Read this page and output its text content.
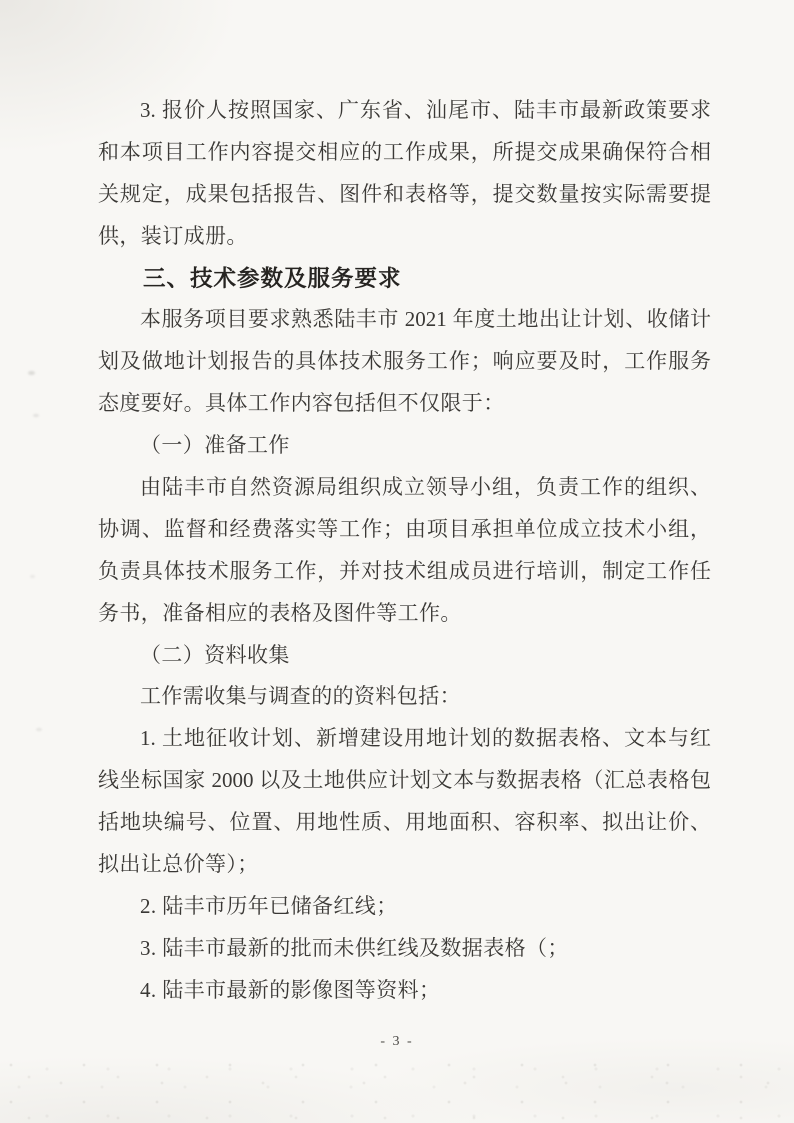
3. 报价人按照国家、广东省、汕尾市、陆丰市最新政策要求
和本项目工作内容提交相应的工作成果，所提交成果确保符合相
关规定，成果包括报告、图件和表格等，提交数量按实际需要提
供，装订成册。
三、技术参数及服务要求
本服务项目要求熟悉陆丰市 2021 年度土地出让计划、收储计
划及做地计划报告的具体技术服务工作；响应要及时，工作服务
态度要好。具体工作内容包括但不仅限于：
（一）准备工作
由陆丰市自然资源局组织成立领导小组，负责工作的组织、
协调、监督和经费落实等工作；由项目承担单位成立技术小组，
负责具体技术服务工作，并对技术组成员进行培训，制定工作任
务书，准备相应的表格及图件等工作。
（二）资料收集
工作需收集与调查的的资料包括：
1. 土地征收计划、新增建设用地计划的数据表格、文本与红
线坐标国家 2000 以及土地供应计划文本与数据表格（汇总表格包
括地块编号、位置、用地性质、用地面积、容积率、拟出让价、
拟出让总价等）；
2. 陆丰市历年已储备红线；
3. 陆丰市最新的批而未供红线及数据表格（；
4. 陆丰市最新的影像图等资料；
- 3 -
